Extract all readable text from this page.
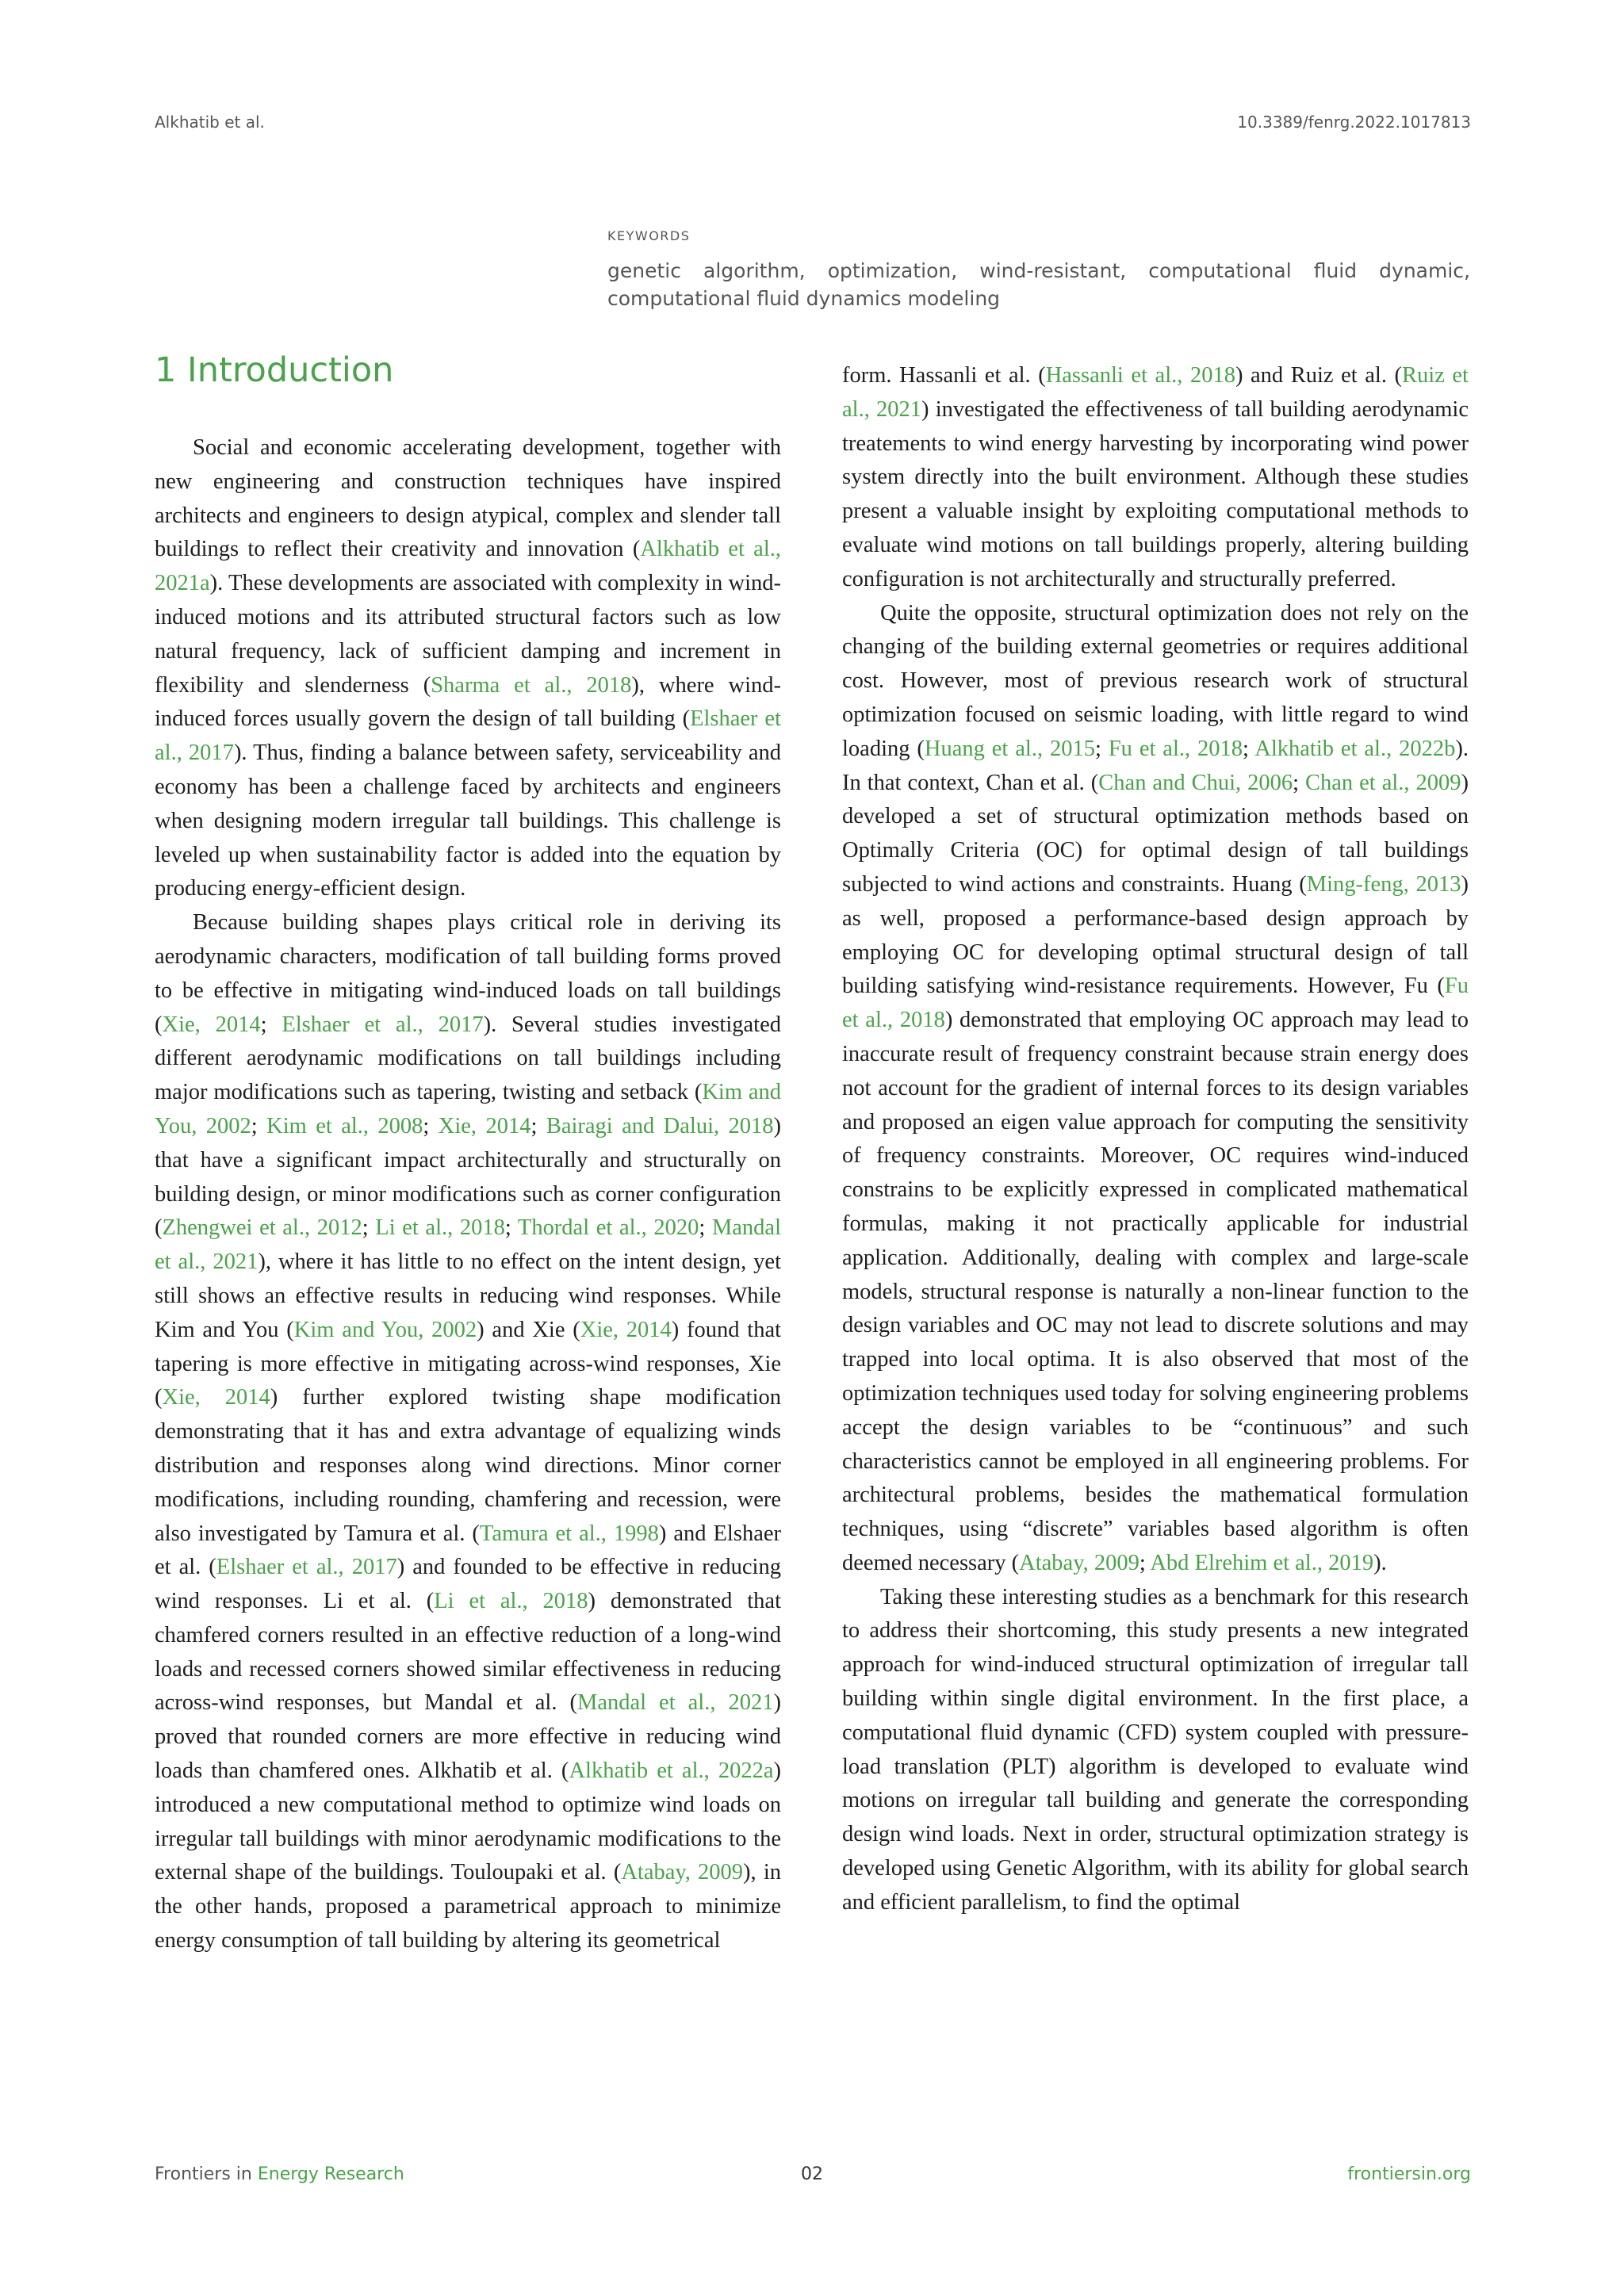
Alkhatib et al.	10.3389/fenrg.2022.1017813
KEYWORDS
genetic algorithm, optimization, wind-resistant, computational fluid dynamic, computational fluid dynamics modeling
1 Introduction

Social and economic accelerating development, together with new engineering and construction techniques have inspired architects and engineers to design atypical, complex and slender tall buildings to reflect their creativity and innovation (Alkhatib et al., 2021a). These developments are associated with complexity in wind-induced motions and its attributed structural factors such as low natural frequency, lack of sufficient damping and increment in flexibility and slenderness (Sharma et al., 2018), where wind-induced forces usually govern the design of tall building (Elshaer et al., 2017). Thus, finding a balance between safety, serviceability and economy has been a challenge faced by architects and engineers when designing modern irregular tall buildings. This challenge is leveled up when sustainability factor is added into the equation by producing energy-efficient design.

Because building shapes plays critical role in deriving its aerodynamic characters, modification of tall building forms proved to be effective in mitigating wind-induced loads on tall buildings (Xie, 2014; Elshaer et al., 2017). Several studies investigated different aerodynamic modifications on tall buildings including major modifications such as tapering, twisting and setback (Kim and You, 2002; Kim et al., 2008; Xie, 2014; Bairagi and Dalui, 2018) that have a significant impact architecturally and structurally on building design, or minor modifications such as corner configuration (Zhengwei et al., 2012; Li et al., 2018; Thordal et al., 2020; Mandal et al., 2021), where it has little to no effect on the intent design, yet still shows an effective results in reducing wind responses. While Kim and You (Kim and You, 2002) and Xie (Xie, 2014) found that tapering is more effective in mitigating across-wind responses, Xie (Xie, 2014) further explored twisting shape modification demonstrating that it has and extra advantage of equalizing winds distribution and responses along wind directions. Minor corner modifications, including rounding, chamfering and recession, were also investigated by Tamura et al. (Tamura et al., 1998) and Elshaer et al. (Elshaer et al., 2017) and founded to be effective in reducing wind responses. Li et al. (Li et al., 2018) demonstrated that chamfered corners resulted in an effective reduction of a long-wind loads and recessed corners showed similar effectiveness in reducing across-wind responses, but Mandal et al. (Mandal et al., 2021) proved that rounded corners are more effective in reducing wind loads than chamfered ones. Alkhatib et al. (Alkhatib et al., 2022a) introduced a new computational method to optimize wind loads on irregular tall buildings with minor aerodynamic modifications to the external shape of the buildings. Touloupaki et al. (Atabay, 2009), in the other hands, proposed a parametrical approach to minimize energy consumption of tall building by altering its geometrical

form. Hassanli et al. (Hassanli et al., 2018) and Ruiz et al. (Ruiz et al., 2021) investigated the effectiveness of tall building aerodynamic treatements to wind energy harvesting by incorporating wind power system directly into the built environment. Although these studies present a valuable insight by exploiting computational methods to evaluate wind motions on tall buildings properly, altering building configuration is not architecturally and structurally preferred.

Quite the opposite, structural optimization does not rely on the changing of the building external geometries or requires additional cost. However, most of previous research work of structural optimization focused on seismic loading, with little regard to wind loading (Huang et al., 2015; Fu et al., 2018; Alkhatib et al., 2022b). In that context, Chan et al. (Chan and Chui, 2006; Chan et al., 2009) developed a set of structural optimization methods based on Optimally Criteria (OC) for optimal design of tall buildings subjected to wind actions and constraints. Huang (Ming-feng, 2013) as well, proposed a performance-based design approach by employing OC for developing optimal structural design of tall building satisfying wind-resistance requirements. However, Fu (Fu et al., 2018) demonstrated that employing OC approach may lead to inaccurate result of frequency constraint because strain energy does not account for the gradient of internal forces to its design variables and proposed an eigen value approach for computing the sensitivity of frequency constraints. Moreover, OC requires wind-induced constrains to be explicitly expressed in complicated mathematical formulas, making it not practically applicable for industrial application. Additionally, dealing with complex and large-scale models, structural response is naturally a non-linear function to the design variables and OC may not lead to discrete solutions and may trapped into local optima. It is also observed that most of the optimization techniques used today for solving engineering problems accept the design variables to be “continuous” and such characteristics cannot be employed in all engineering problems. For architectural problems, besides the mathematical formulation techniques, using “discrete” variables based algorithm is often deemed necessary (Atabay, 2009; Abd Elrehim et al., 2019).

Taking these interesting studies as a benchmark for this research to address their shortcoming, this study presents a new integrated approach for wind-induced structural optimization of irregular tall building within single digital environment. In the first place, a computational fluid dynamic (CFD) system coupled with pressure-load translation (PLT) algorithm is developed to evaluate wind motions on irregular tall building and generate the corresponding design wind loads. Next in order, structural optimization strategy is developed using Genetic Algorithm, with its ability for global search and efficient parallelism, to find the optimal

Frontiers in Energy Research	02	frontiersin.org
